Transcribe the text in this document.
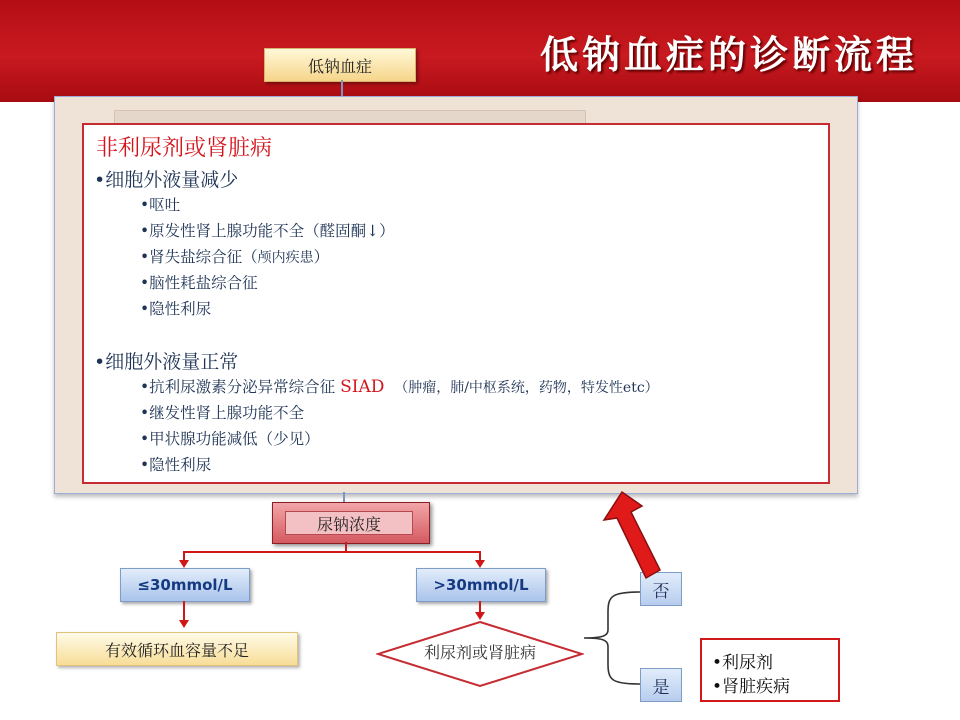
低钠血症的诊断流程
低钠血症
非利尿剂或肾脏病
•细胞外液量减少
•呕吐
•原发性肾上腺功能不全（醛固酮↓）
•肾失盐综合征（颅内疾患）
•脑性耗盐综合征
•隐性利尿
•细胞外液量正常
•抗利尿激素分泌异常综合征 SIAD （肿瘤，肺/中枢系统，药物，特发性etc）
•继发性肾上腺功能不全
•甲状腺功能减低（少见）
•隐性利尿
尿钠浓度
≤30mmol/L	>30mmol/L
有效循环血容量不足	利尿剂或肾脏病
否
是
•利尿剂
•肾脏疾病
